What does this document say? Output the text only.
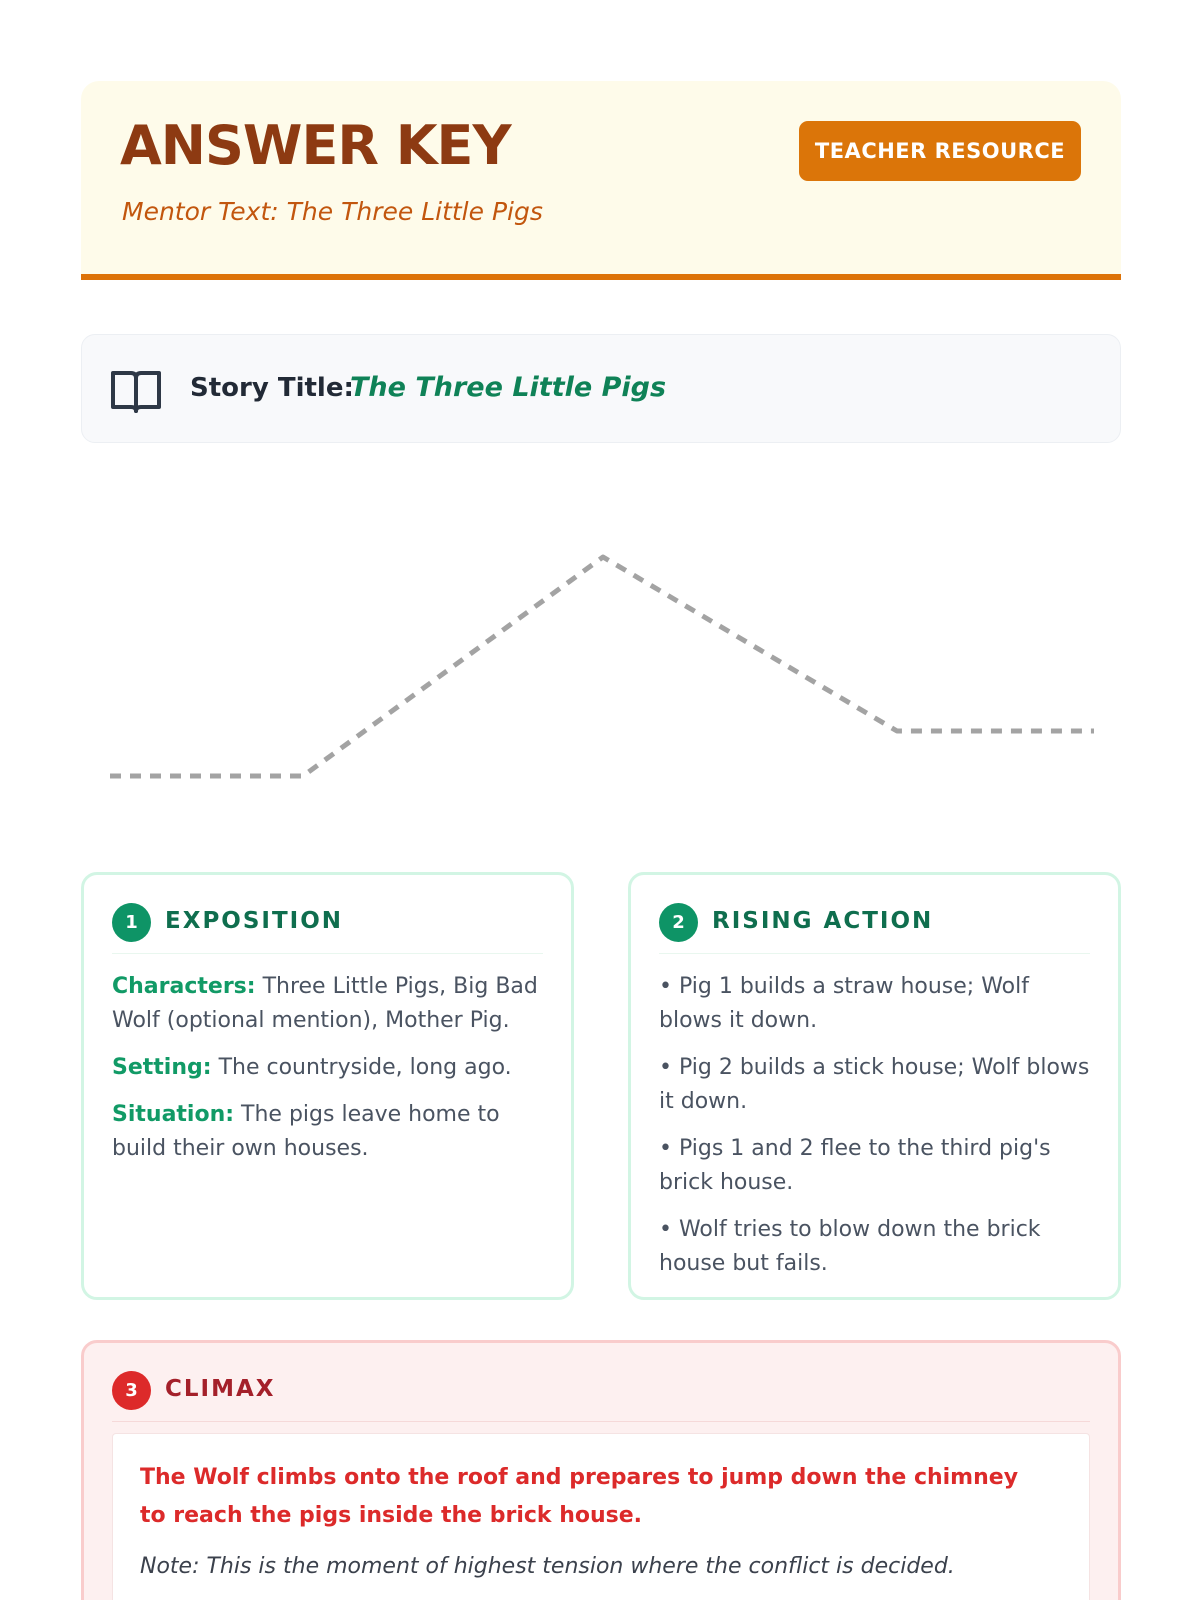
ANSWER KEY
Mentor Text: The Three Little Pigs
TEACHER RESOURCE
Story Title:
The Three Little Pigs
1	EXPOSITION

Characters: Three Little Pigs, Big Bad Wolf (optional mention), Mother Pig.

Setting: The countryside, long ago.

Situation: The pigs leave home to build their own houses.

2	RISING ACTION

• Pig 1 builds a straw house; Wolf blows it down.

• Pig 2 builds a stick house; Wolf blows it down.

• Pigs 1 and 2 flee to the third pig's brick house.

• Wolf tries to blow down the brick house but fails.

3	CLIMAX
The Wolf climbs onto the roof and prepares to jump down the chimney to reach the pigs inside the brick house.
Note: This is the moment of highest tension where the conflict is decided.
